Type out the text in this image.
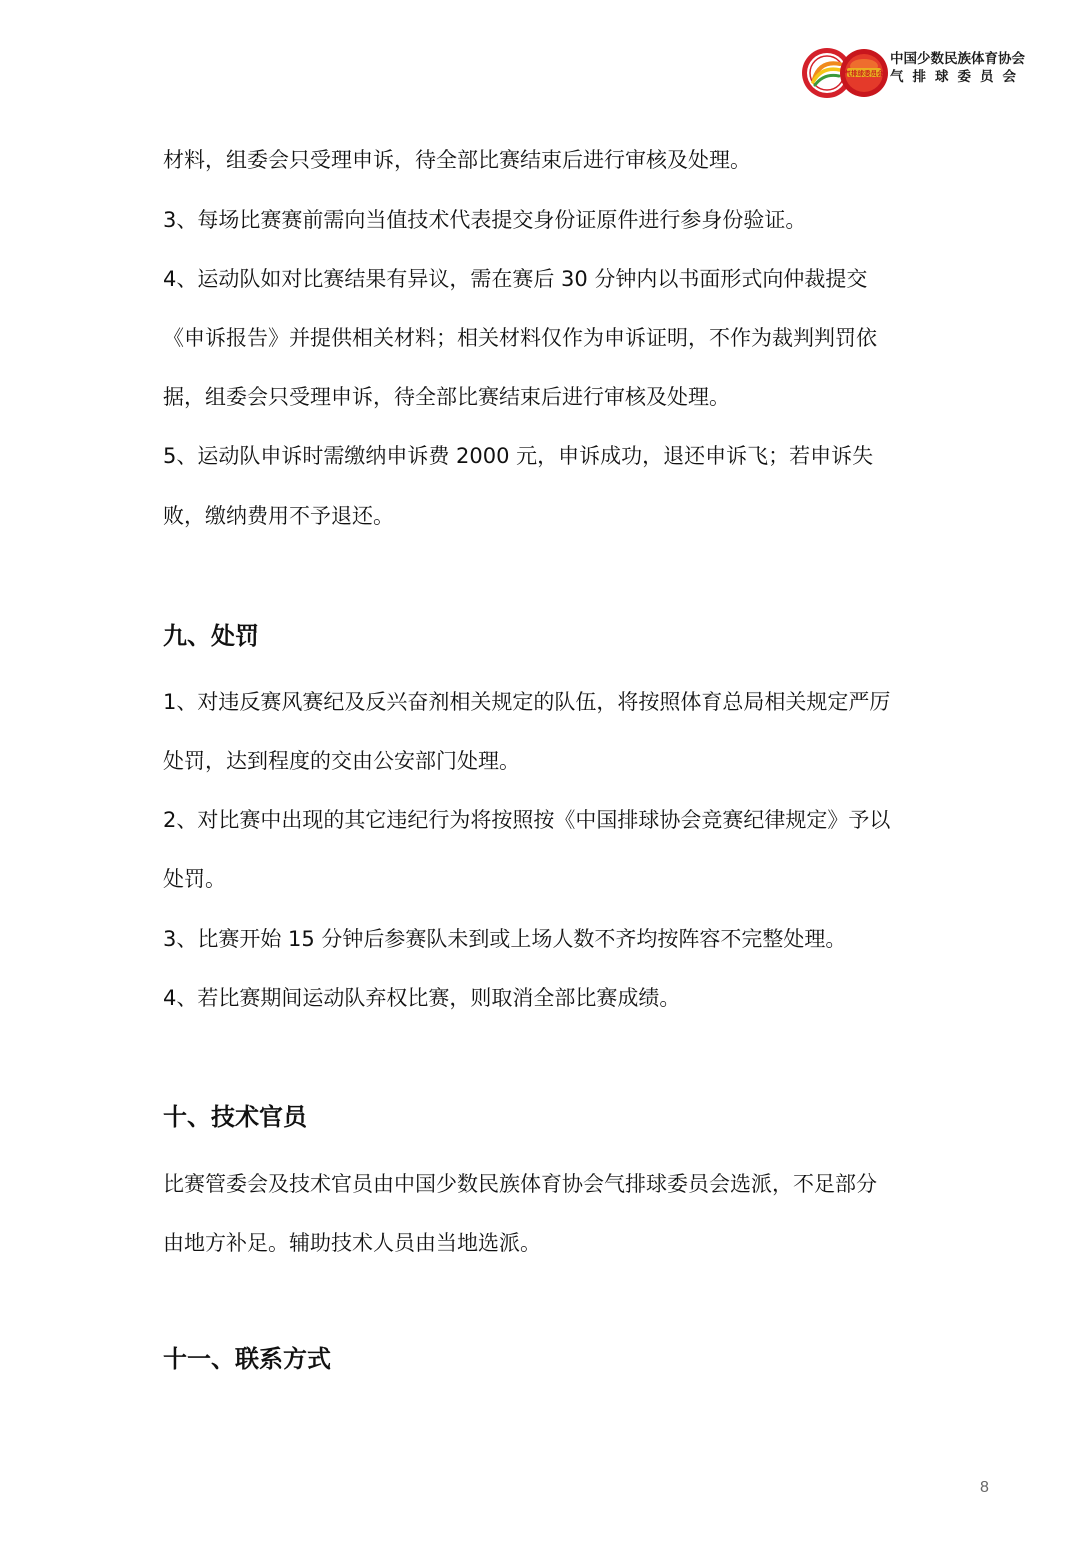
气排球委员会
中国少数民族体育协会
气排球委员会
材料，组委会只受理申诉，待全部比赛结束后进行审核及处理。
3、每场比赛赛前需向当值技术代表提交身份证原件进行参身份验证。
4、运动队如对比赛结果有异议，需在赛后 30 分钟内以书面形式向仲裁提交
《申诉报告》并提供相关材料；相关材料仅作为申诉证明，不作为裁判判罚依
据，组委会只受理申诉，待全部比赛结束后进行审核及处理。
5、运动队申诉时需缴纳申诉费 2000 元，申诉成功，退还申诉飞；若申诉失
败，缴纳费用不予退还。
九、处罚
1、对违反赛风赛纪及反兴奋剂相关规定的队伍，将按照体育总局相关规定严厉
处罚，达到程度的交由公安部门处理。
2、对比赛中出现的其它违纪行为将按照按《中国排球协会竞赛纪律规定》予以
处罚。
3、比赛开始 15 分钟后参赛队未到或上场人数不齐均按阵容不完整处理。
4、若比赛期间运动队弃权比赛，则取消全部比赛成绩。
十、技术官员
比赛管委会及技术官员由中国少数民族体育协会气排球委员会选派，不足部分
由地方补足。辅助技术人员由当地选派。
十一、联系方式
8
